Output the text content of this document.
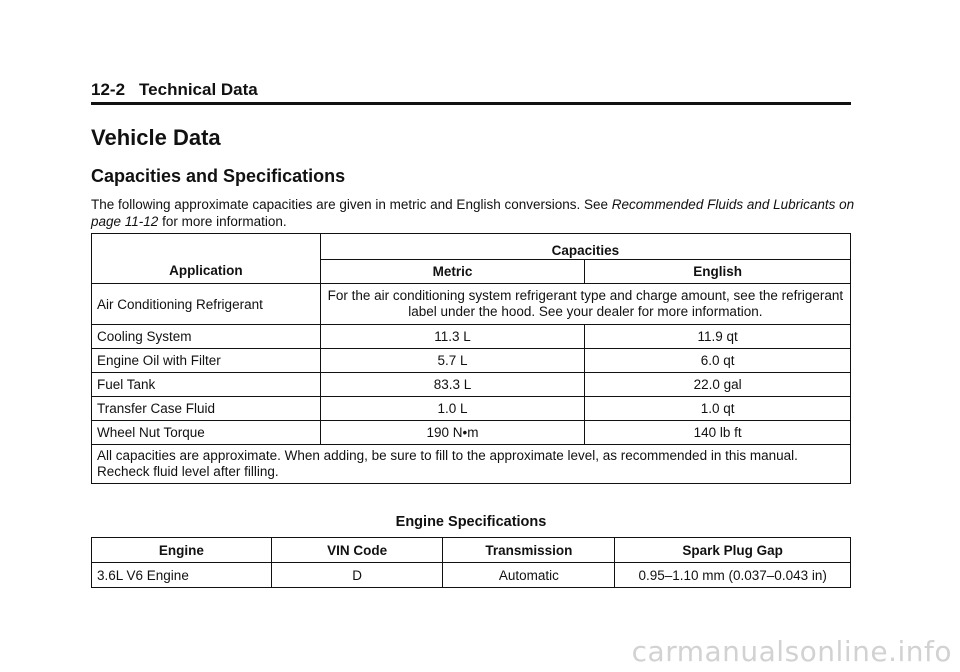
12-2 Technical Data
Vehicle Data
Capacities and Specifications

The following approximate capacities are given in metric and English conversions. See Recommended Fluids and Lubricants on page 11-12 for more information.

Application	Capacities	
	Metric	English
Air Conditioning Refrigerant	For the air conditioning system refrigerant type and charge amount, see the refrigerant label under the hood. See your dealer for more information.	
Cooling System	11.3 L	11.9 qt
Engine Oil with Filter	5.7 L	6.0 qt
Fuel Tank	83.3 L	22.0 gal
Transfer Case Fluid	1.0 L	1.0 qt
Wheel Nut Torque	190 N•m	140 lb ft
All capacities are approximate. When adding, be sure to fill to the approximate level, as recommended in this manual. Recheck fluid level after filling.		
Engine Specifications
Engine	VIN Code	Transmission	Spark Plug Gap
3.6L V6 Engine	D	Automatic	0.95–1.10 mm (0.037–0.043 in)
carmanualsonline.info
